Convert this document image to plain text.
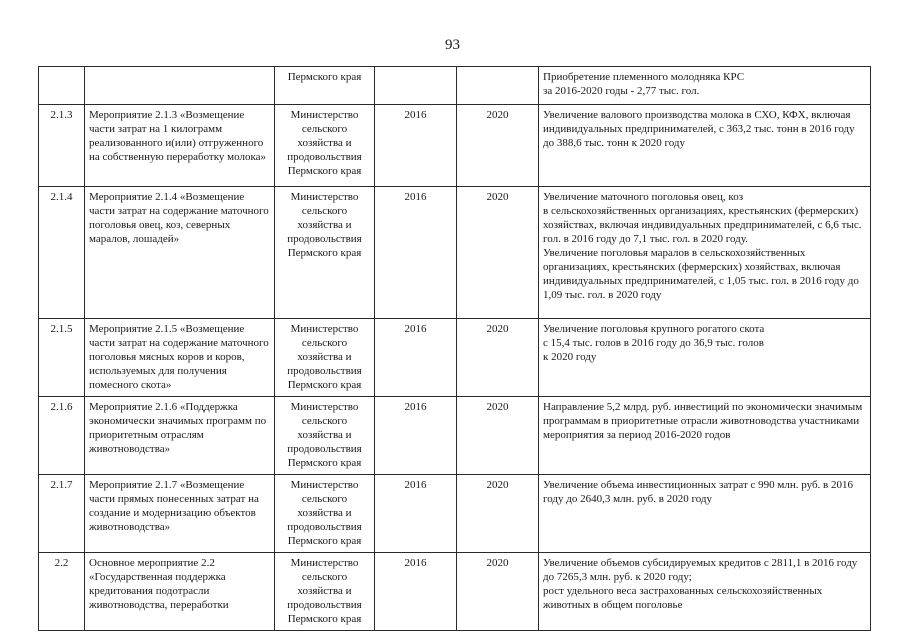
93
		Пермского края			Приобретение племенного молодняка КРС
за 2016-2020 годы - 2,77 тыс. гол.
2.1.3	Мероприятие 2.1.3 «Возмещение части затрат на 1 килограмм реализованного и(или) отгруженного на собственную переработку молока»	Министерство сельского хозяйства и продовольствия Пермского края	2016	2020	Увеличение валового производства молока в СХО, КФХ, включая индивидуальных предпринимателей, с 363,2 тыс. тонн в 2016 году до 388,6 тыс. тонн к 2020 году
2.1.4	Мероприятие 2.1.4 «Возмещение части затрат на содержание маточного поголовья овец, коз, северных маралов, лошадей»	Министерство сельского хозяйства и продовольствия Пермского края	2016	2020	Увеличение маточного поголовья овец, коз
в сельскохозяйственных организациях, крестьянских (фермерских) хозяйствах, включая индивидуальных предпринимателей, с 6,6 тыс. гол. в 2016 году до 7,1 тыс. гол. в 2020 году.
Увеличение поголовья маралов в сельскохозяйственных организациях, крестьянских (фермерских) хозяйствах, включая индивидуальных предпринимателей, с 1,05 тыс. гол. в 2016 году до 1,09 тыс. гол. в 2020 году
2.1.5	Мероприятие 2.1.5 «Возмещение части затрат на содержание маточного поголовья мясных коров и коров, используемых для получения помесного скота»	Министерство сельского хозяйства и продовольствия Пермского края	2016	2020	Увеличение поголовья крупного рогатого скота
с 15,4 тыс. голов в 2016 году до 36,9 тыс. голов
к 2020 году
2.1.6	Мероприятие 2.1.6 «Поддержка экономически значимых программ по приоритетным отраслям животноводства»	Министерство сельского хозяйства и продовольствия Пермского края	2016	2020	Направление 5,2 млрд. руб. инвестиций по экономически значимым программам в приоритетные отрасли животноводства участниками мероприятия за период 2016-2020 годов
2.1.7	Мероприятие 2.1.7 «Возмещение части прямых понесенных затрат на создание и модернизацию объектов животноводства»	Министерство сельского хозяйства и продовольствия Пермского края	2016	2020	Увеличение объема инвестиционных затрат с 990 млн. руб. в 2016 году до 2640,3 млн. руб. в 2020 году
2.2	Основное мероприятие 2.2 «Государственная поддержка кредитования подотрасли животноводства, переработки	Министерство сельского хозяйства и продовольствия Пермского края	2016	2020	Увеличение объемов субсидируемых кредитов с 2811,1 в 2016 году до 7265,3 млн. руб. к 2020 году;
рост удельного веса застрахованных сельскохозяйственных животных в общем поголовье
